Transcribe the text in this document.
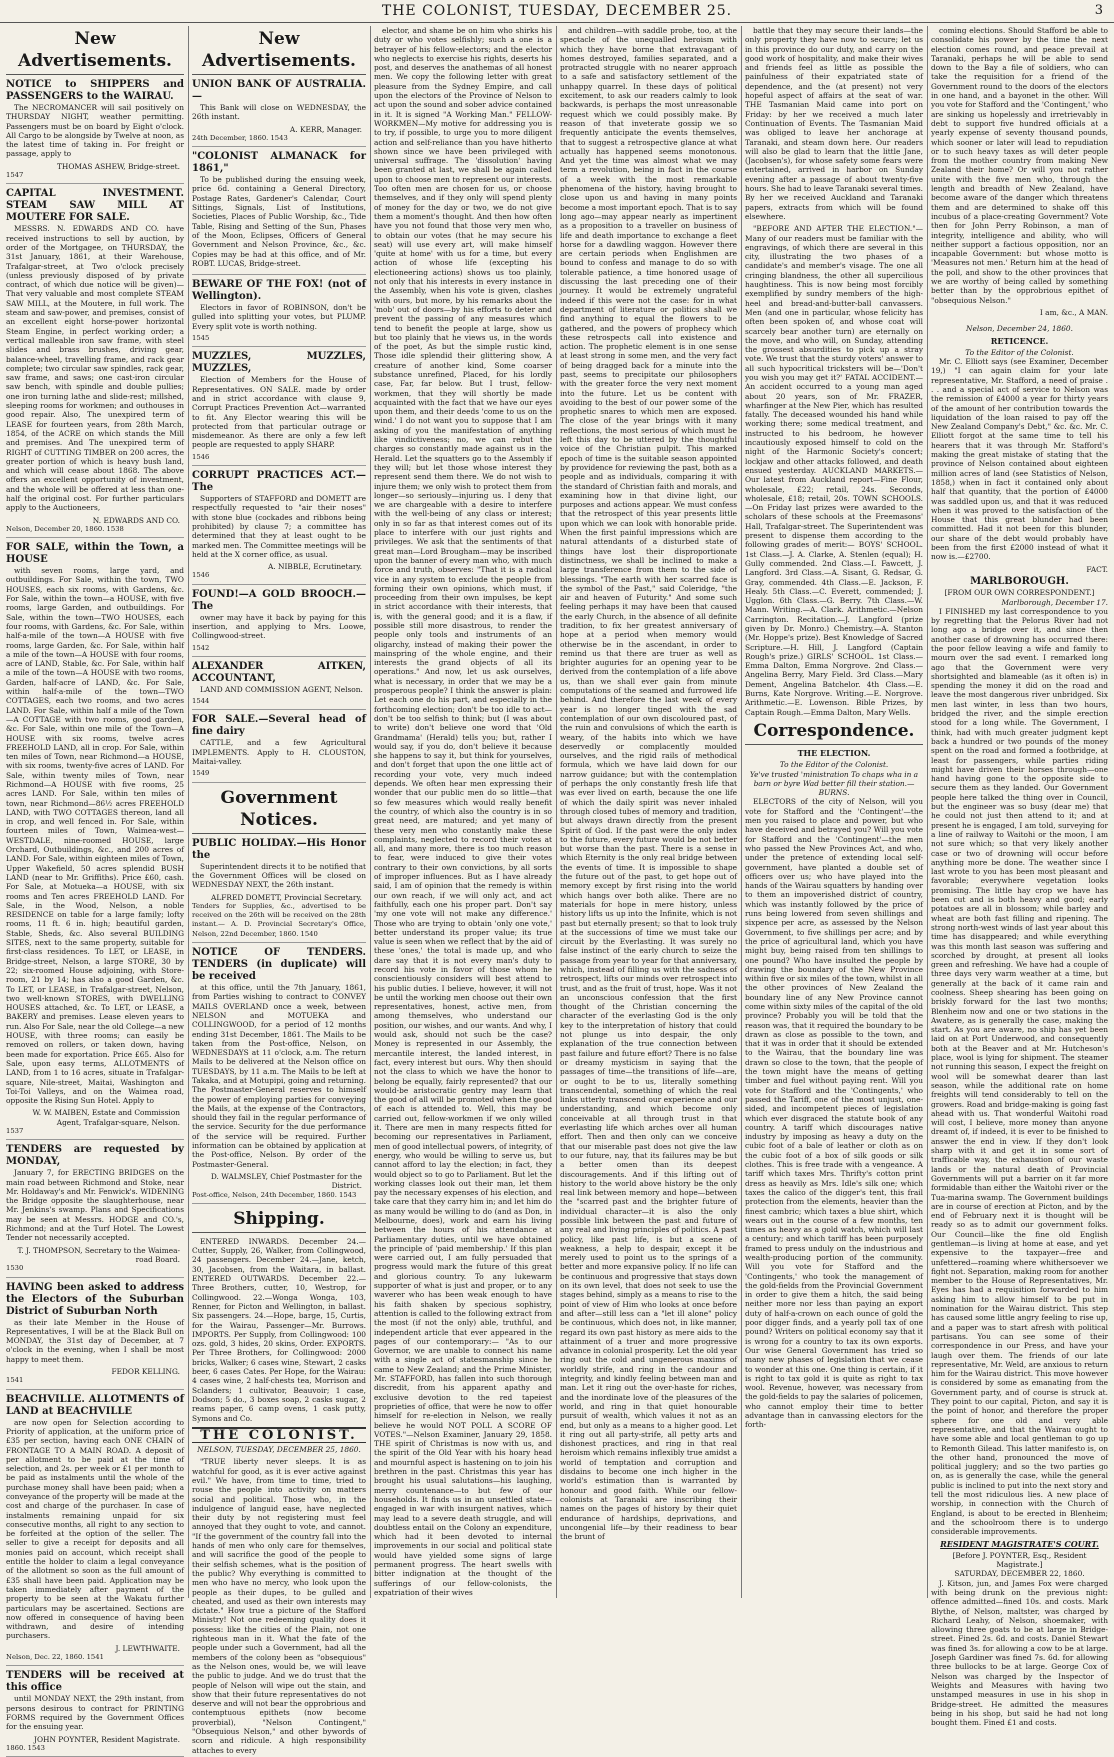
THE COLONIST, TUESDAY, DECEMBER 25.	3
New Advertisements.
NOTICE to SHIPPERS and PASSENGERS to the WAIRAU.

The NECROMANCER will sail positively on THURSDAY NIGHT, weather permitting. Passengers must be on board by Eight o'clock. All Cargo to be alongside by Twelve at noon, as the latest time of taking in. For freight or passage, apply to

THOMAS ASHEW, Bridge-street.
1547
CAPITAL INVESTMENT. STEAM SAW MILL AT MOUTERE FOR SALE.

MESSRS. N. EDWARDS AND CO. have received instructions to sell by auction, by order of the Mortgagee, on THURSDAY, the 31st January, 1861, at their Warehouse, Trafalgar-street, at Two o'clock precisely (unless previously disposed of by private contract, of which due notice will be given)— That very valuable and most complete STEAM SAW MILL, at the Moutere, in full work. The steam and saw-power, and premises, consist of an excellent eight horse-power horizontal Steam Engine, in perfect working order; a vertical malleable iron saw frame, with steel slides and brass brushes, driving gear, balance-wheel, travelling frame, and rack gear complete; two circular saw spindles, rack gear, saw frame, and saws; one cast-iron circular saw bench, with spindle and double pullies; one iron turning lathe and slide-rest; millshed, sleeping rooms for workmen; and outhouses in good repair. Also, The unexpired term of LEASE for fourteen years, from 28th March, 1854, of the ACRE on which stands the Mill and premises. And The unexpired term of RIGHT of CUTTING TIMBER on 200 acres, the greater portion of which is heavy bush land, and which will cease about 1868. The above offers an excellent opportunity of investment, and the whole will be offered at less than one-half the original cost. For further particulars apply to the Auctioneers,

N. EDWARDS AND CO.
Nelson, December 20, 1860. 1538
FOR SALE, within the Town, a HOUSE

with seven rooms, large yard, and outbuildings. For Sale, within the town, TWO HOUSES, each six rooms, with Gardens, &c. For Sale, within the town—a HOUSE, with five rooms, large Garden, and outbuildings. For Sale, within the town—TWO HOUSES, each four rooms, with Gardens, &c. For Sale, within half-a-mile of the town—A HOUSE with five rooms, large Garden, &c. For Sale, within half a mile of the town—A HOUSE with four rooms, acre of LAND, Stable, &c. For Sale, within half a mile of the town—A HOUSE with two rooms, Garden, half-acre of LAND, &c. For Sale, within half-a-mile of the town—TWO COTTAGES, each two rooms, and two acres LAND. For Sale, within half a mile of the Town—A COTTAGE with two rooms, good garden, &c. For Sale, within one mile of the Town—A HOUSE with six rooms, twelve acres FREEHOLD LAND, all in crop. For Sale, within ten miles of Town, near Richmond—a HOUSE, with six rooms, twenty-five acres of LAND. For Sale, within twenty miles of Town, near Richmond—A HOUSE with five rooms, 25 acres LAND. For Sale, within ten miles of town, near Richmond—86½ acres FREEHOLD LAND, with TWO COTTAGES thereon, land all in crop, and well fenced in. For Sale, within fourteen miles of Town, Waimea-west—WESTDALE, nine-roomed HOUSE, large Orchard, Outbuildings, &c., and 200 acres of LAND. For Sale, within eighteen miles of Town, Upper Wakefield, 50 acres splendid BUSH LAND (near to Mr. Griffiths). Price £60, cash. For Sale, at Motueka—a HOUSE, with six rooms and Ten acres FREEHOLD LAND. For Sale, in the Wood, Nelson, a noble RESIDENCE on table for a large family; lofty rooms, 11 ft. 6 in. high; beautiful garden, Stable, Sheds, &c. Also several BUILDING SITES, next to the same property, suitable for first-class residences. To LET, or LEASE, in Bridge-street, Nelson, a large STORE, 30 by 22; six-roomed House adjoining, with Store-room, 21 by 14; has also a good Garden, &c. To LET, or LEASE, in Trafalgar-street, Nelson, two well-known STORES, with DWELLING HOUSES attached, &c. To LET, or LEASE, a BAKERY and premises. Lease eleven years to run. Also For Sale, near the old College—a new HOUSE, with three rooms; can easily be removed on rollers, or taken down, having been made for exportation. Price £65. Also for Sale, upon easy terms, ALLOTMENTS of LAND, from 1 to 16 acres, situate in Trafalgar-square, Nile-street, Maitai, Washington and Toi-Toi Valleys, and on the Waimea road, opposite the Rising Sun Hotel. Apply to

W. W. MAIBEN, Estate and Commission Agent, Trafalgar-square, Nelson.
1537
TENDERS are requested by MONDAY,

January 7, for ERECTING BRIDGES on the main road between Richmond and Stoke, near Mr. Holdaway's and Mr. Fenwick's. WIDENING the Bridge opposite the slaughterhouse, near Mr. Jenkins's swamp. Plans and Specifications may be seen at Messrs. HODGE and CO.'s, Richmond; and at the Turf Hotel. The Lowest Tender not necessarily accepted.

T. J. THOMPSON, Secretary to the Waimea-road Board.
1530
HAVING been asked to address the Electors of the Suburban District of Suburban North

as their late Member in the House of Representatives, I will be at the Black Bull on MONDAY, the 31st day of December, at 7 o'clock in the evening, when I shall be most happy to meet them.

FEDOR KELLING.
1541
BEACHVILLE. ALLOTMENTS of LAND at BEACHVILLE

are now open for Selection according to Priority of application, at the uniform price of £35 per section, having each ONE CHAIN of FRONTAGE TO A MAIN ROAD. A deposit of per allotment to be paid at the time of selection, and 2s. per week or £1 per month to be paid as instalments until the whole of the purchase money shall have been paid; when a conveyance of the property will be made at the cost and charge of the purchaser. In case of instalments remaining unpaid for six consecutive months, all right to any section to be forfeited at the option of the seller. The seller to give a receipt for deposits and all monies paid on account, which receipt shall entitle the holder to claim a legal conveyance of the allotment so soon as the full amount of £35 shall have been paid. Application may be taken immediately after payment of the property to be seen at the Wakatu further particulars may be ascertained. Sections are now offered in consequence of having been withdrawn, and desire of intending purchasers.

J. LEWTHWAITE.
Nelson, Dec. 22, 1860. 1541
TENDERS will be received at this office

until MONDAY NEXT, the 29th instant, from persons desirous to contract for PRINTING FORMS required by the Government Offices for the ensuing year.

JOHN POYNTER, Resident Magistrate.
1860. 1543
New Advertisements.
UNION BANK OF AUSTRALIA.—

This Bank will close on WEDNESDAY, the 26th instant.

A. KERR, Manager.
24th December, 1860. 1543
"COLONIST ALMANACK for 1861,"

To be published during the ensuing week, price 6d. containing a General Directory, Postage Rates, Gardener's Calendar, Court Sittings, Signals, List of Institutions, Societies, Places of Public Worship, &c., Tide Table, Rising and Setting of the Sun, Phases of the Moon, Eclipses, Officers of General Government and Nelson Province, &c., &c. Copies may be had at this office, and of Mr. ROBT. LUCAS, Bridge-street.

BEWARE OF THE FOX! (not of Wellington).

Electors in favor of ROBINSON, don't be gulled into splitting your votes, but PLUMP. Every split vote is worth nothing.

1545
MUZZLES, MUZZLES, MUZZLES,

Election of Members for the House of Representatives. ON SALE. made by order and in strict accordance with clause 9, Corrupt Practices Prevention Act—warranted to fit. Any Elector wearing this will be protected from that particular outrage or misdemeanor. As there are only a few left people are requested to apply SHARP.

1546
CORRUPT PRACTICES ACT.—The

Supporters of STAFFORD and DOMETT are respectfully requested to "air their noses" with stone blue (cockades and ribbons being prohibited) by clause 7; a committee has determined that they at least ought to be marked men. The Committee meetings will be held at the X corner office, as usual.

A. NIBBLE, Ecrutinetary.
1546
FOUND!—A GOLD BROOCH.—The

owner may have it back by paying for this insertion, and applying to Mrs. Loowe, Collingwood-street.

1542
ALEXANDER AITKEN, ACCOUNTANT,

LAND AND COMMISSION AGENT, Nelson.

1544
FOR SALE.—Several head of fine dairy

CATTLE, and a few Agricultural IMPLEMENTS. Apply to H. CLOUSTON, Maitai-valley.

1549
Government Notices.
PUBLIC HOLIDAY.—His Honor the

Superintendent directs it to be notified that the Government Offices will be closed on WEDNESDAY NEXT, the 26th instant.

ALFRED DOMETT, Provincial Secretary.
Tenders for Supplies, &c., advertised to be received on the 26th will be received on the 28th instant.— A. D. Provincial Secretary's Office, Nelson, 22nd December, 1860. 1540
NOTICE OF TENDERS. TENDERS (in duplicate) will be received

at this office, until the 7th January, 1861, from Parties wishing to contract to CONVEY MAILS OVERLAND once a week, between NELSON and MOTUEKA and COLLINGWOOD, for a period of 12 months ending 31st December, 1861. The Mails to be taken from the Post-office, Nelson, on WEDNESDAYS at 11 o'clock, a.m. The return Mails to be delivered at the Nelson office on TUESDAYS, by 11 a.m. The Mails to be left at Takaka, and at Motupipi, going and returning. The Postmaster-General reserves to himself the power of employing parties for conveying the Mails, at the expense of the Contractors, should they fail in the regular performance of the service. Security for the due performance of the service will be required. Further information can be obtained by application at the Post-office, Nelson. By order of the Postmaster-General.

D. WALMSLEY, Chief Postmaster for the District.
Post-office, Nelson, 24th December, 1860. 1543
Shipping.

ENTERED INWARDS. December 24.—Cutter, Supply, 26, Walker, from Collingwood, 24 passengers. December 24.—Jane, ketch, 30, Jacobsen, from the Waitara, in ballast. ENTERED OUTWARDS. December 22.—Three Brothers, cutter, 10, Westrop, for Collingwood. 22.—Wonga Wonga, 103, Renner, for Picton and Wellington, in ballast. Six passengers. 24.—Hope, barge, 15, Curtis, for the Wairau, Passenger—Mr. Burrows. IMPORTS. Per Supply, from Collingwood: 100 ozs. gold, 3 hides, 20 skins, Order. EXPORTS. Per Three Brothers, for Collingwood: 2000 bricks, Walker; 6 cases wine, Stewart, 2 casks beer, 6 cases Cates. Per Hope, for the Wairau: 4 cases wine, 2 half-chests tea, Morrison and Sclanders; 1 cultivator, Beauvoir; 1 case, Dodson; 5 do., 3 boxes soap, 2 casks sugar, 2 reams paper, 6 camp ovens, 1 cask putty, Symons and Co.

THE COLONIST.
NELSON, TUESDAY, DECEMBER 25, 1860.

"TRUE liberty never sleeps. It is as watchful for good, as it is ever active against evil." We have, from time to time, tried to rouse the people into activity on matters social and political. Those who, in the indulgence of languid ease, have neglected their duty by not registering must feel annoyed that they ought to vote, and cannot. "If the government of the country fall into the hands of men who only care for themselves, and will sacrifice the good of the people to their selfish schemes, what is the position of the public? Why everything is committed to men who have no mercy, who look upon the people as their dupes, to be gulled and cheated, and used as their own interests may dictate." How true a picture of the Stafford Ministry! Not one redeeming quality does it possess: like the cities of the Plain, not one righteous man in it. What the fate of the people under such a Government, had all the members of the colony been as "obsequious" as the Nelson ones, would be, we will leave the public to judge. And we do trust that the people of Nelson will wipe out the stain, and show that their future representatives do not deserve and will not bear the opprobrious and contemptuous epithets (now become proverbial), "Nelson Contingent," "Obsequious Nelson," and other bywords of scorn and ridicule. A high responsibility attaches to every

elector, and shame be on him who shirks his duty or who votes selfishly; such a one is a betrayer of his fellow-electors; and the elector who neglects to exercise his rights, deserts his post, and deserves the anathemas of all honest men. We copy the following letter with great pleasure from the Sydney Empire, and call upon the electors of the Province of Nelson to act upon the sound and sober advice contained in it. It is signed "A Working Man." FELLOW-WORKMEN—My motive for addressing you is to try, if possible, to urge you to more diligent action and self-reliance than you have hitherto shown since we have been privileged with universal suffrage. The 'dissolution' having been granted at last, we shall be again called upon to choose men to represent our interests. Too often men are chosen for us, or choose themselves, and if they only will spend plenty of money for the day or two, we do not give them a moment's thought. And then how often have you not found that those very men who, to obtain our votes (that he may secure his seat) will use every art, will make himself 'quite at home' with us for a time, but every action of whose life (excepting his electioneering actions) shows us too plainly, not only that his interests in every instance in the Assembly, when his vote is given, clashes with ours, but more, by his remarks about the 'mob' out of doors—by his efforts to deter and prevent the passing of any measures which tend to benefit the people at large, show us but too plainly that he views us, in the words of the poet, As but the simple rustic kind, Those idle splendid their glittering show, A creature of another kind, Some coarser substance unrefined, Placed, for his lordly case, Far, far below. But I trust, fellow-workmen, that they will shortly be made acquainted with the fact that we have our eyes upon them, and their deeds 'come to us on the wind.' I do not want you to suppose that I am asking of you the manifestation of anything like vindictiveness; no, we can rebut the charges so constantly made against us in the Herald. Let the squatters go to the Assembly if they will; but let those whose interest they represent send them there. We do not wish to injure them; we only wish to protect them from longer—so seriously—injuring us. I deny that we are chargeable with a desire to interfere with the well-being of any class or interest; only in so far as that interest comes out of its place to interfere with our just rights and privileges. We ask that the sentiments of that great man—Lord Brougham—may be inscribed upon the banner of every man who, with much force and truth, observes: "That it is a radical vice in any system to exclude the people from forming their own opinions, which must, if proceeding from their own impulses, be kept in strict accordance with their interests, that is, with the general good; and it is a flaw, if possible still more disastrous, to render the people only tools and instruments of an oligarchy, instead of making their power the mainspring of the whole engine, and their interests the grand objects of all its operations." And now, let us ask ourselves, what is necessary, in order that we may be a prosperous people? I think the answer is plain: Let each one do his part, and especially in the forthcoming election; don't be too idle to act—don't be too selfish to think; but (I was about to write) don't believe one word that 'Old Grandmama' (Herald) tells you; but, rather I would say, if you do, don't believe it because she happens to say it, but think for yourselves, and don't forget that upon the one little act of recording your vote, very much indeed depends. We often hear men expressing their wonder that our public men do so little—that so few measures which would really benefit the country, of which also the country is in so great need, are matured; and yet many of these very men who constantly make these complaints, neglected to record their votes at all, and many more, there is too much reason to fear, were induced to give their votes contrary to their own convictions, by all sorts of improper influences. But as I have already said, I am of opinion that the remedy is within our own reach, if we will only act, and act faithfully, each one his proper part. Don't say 'my one vote will not make any difference.' Those who are trying to obtain 'only one vote,' better understand its proper value; its true value is seen when we reflect that by the aid of these 'ones,' the total is made up, and who dare say that it is not every man's duty to record his vote in favor of those whom he conscientiously considers will best attend to his public duties. I believe, however, it will not be until the working men choose out their own representatives, honest, active men, from among themselves, who understand our position, our wishes, and our wants. And why, I would ask, should not such be the case? Money is represented in our Assembly, the mercantile interest, the landed interest, in fact, every interest but ours. Why then should not the class to which we have the honor to belong be equally, fairly represented? that our would-be aristocratic gentry may learn that the good of all will be promoted when the good of each is attended to. Well, this may be carried out, fellow-workmen if we only willed it. There are men in many respects fitted for becoming our representatives in Parliament, men of good intellectual powers, of integrity, of energy, who would be willing to serve us, but cannot afford to lay the election; in fact, they would object so to go to Parliament. But let the working classes look out their man, let them pay the necessary expenses of his election, and take care that they carry him in; and let him do as many would be willing to do (and as Don, in Melbourne, does), work and earn his living between the hours of his attendance at Parliamentary duties, until we have obtained the principle of 'paid membership.' If this plan were carried out, I am fully persuaded that progress would mark the future of this great and glorious country. To any lukewarm supporter of what is just and proper, or to any waverer who has been weak enough to have his faith shaken by specious sophistry, attention is called to the following extract from the most (if not the only) able, truthful, and independent article that ever appeared in the pages of our contemporary:— "As to our Governor, we are unable to connect his name with a single act of statesmanship since he came to New Zealand; and the Prime Minister, Mr. STAFFORD, has fallen into such thorough discredit, from his apparent apathy and exclusive devotion to the red tapeiest proprieties of office, that were he now to offer himself for re-election in Nelson, we really believe he would NOT POLL A SCORE OF VOTES."—Nelson Examiner, January 29, 1858. THE spirit of Christmas is now with us, and the spirit of the Old Year with his hoary head and mournful aspect is hastening on to join his brethren in the past. Christmas this year has brought his usual salutations—his laughing, merry countenance—to but few of our households. It finds us in an unsettled state—engaged in war with insurgent natives, which may lead to a severe death struggle, and will doubtless entail on the Colony an expenditure, which had it been devoted to internal improvements in our social and political state would have yielded some signs of large permanent progress. The heart swells with bitter indignation at the thought of the sufferings of our fellow-colonists, the expatriation of their wives

and children—with saddle probe, too, at the spectacle of the unequalled heroism with which they have borne that extravagant of homes destroyed, families separated, and a protracted struggle with no nearer approach to a safe and satisfactory settlement of the unhappy quarrel. In these days of political excitement, to ask our readers calmly to look backwards, is perhaps the most unreasonable request which we could possibly make. By reason of that inveterate gossip we so frequently anticipate the events themselves, that to suggest a retrospective glance at what actually has happened seems monotonous. And yet the time was almost what we may term a revolution, being in fact in the course of a week with the most remarkable phenomena of the history, having brought to close upon us and having in many points become a most important epoch. That is to say long ago—may appear nearly as impertinent as a proposition to a traveller on business of life and death importance to exchange a fleet horse for a dawdling waggon. However there are certain periods when Englishmen are bound to confess and manage to do so with tolerable patience, a time honored usage of discussing the last preceding one of their journey. It would be extremely ungrateful indeed if this were not the case: for in what department of literature or politics shall we find anything to equal the flowers to be gathered, and the powers of prophecy which these retrospects call into existence and action. The prophetic element is in one sense at least strong in some men, and the very fact of being dragged back for a minute into the past, seems to precipitate our philosophers with the greater force the very next moment into the future. Let us be content with avoiding to the best of our power some of the prophetic snares to which men are exposed. The close of the year brings with it many reflections, the most serious of which must be left this day to be uttered by the thoughtful voice of the Christian pulpit. This marked epoch of time is the suitable season appointed by providence for reviewing the past, both as a people and as individuals, comparing it with the standard of Christian faith and morals, and examining how in that divine light, our purposes and actions appear. We must confess that the retrospect of this year presents little upon which we can look with honorable pride. When the first painful impressions which are natural attendants of a disturbed state of things have lost their disproportionate distinctness, we shall be inclined to make a large transference from them to the side of blessings. "The earth with her scarred face is the symbol of the Past," said Coleridge, "the air and heaven of Futurity." And some such feeling perhaps it may have been that caused the early Church, in the absence of all definite tradition, to fix her greatest anniversary of hope at a period when memory would otherwise be in the ascendant, in order to remind us that there are truer as well as brighter auguries for an opening year to be derived from the contemplation of a life above us, than we shall ever gain from minute computations of the seamed and furrowed life behind. And therefore the last week of every year is no longer tinged with the sad contemplation of our own discoloured past, of the ruin and convulsions of which the earth is weary, of the habits into which we have deservedly or complacently moulded ourselves, and the rigid rails of methodical formula, which we have laid down for our narrow guidance; but with the contemplation of perhaps the only constantly fresh life that was ever lived on earth, because the one life of which the daily spirit was never inhaled through closed tubes of memory and tradition, but always drawn directly from the present Spirit of God. If the past were the only index to the future, every future would be not better but worse than the past. There is a sense in which Eternity is the only real bridge between the events of time. It is impossible to shape the future out of the past, to get hope out of memory except by first rising into the world which hangs over both alike. There are no materials for hope in mere history, unless history lifts us up into the Infinite, which is not past but eternally present; so that to look truly at the successions of time we must take our circuit by the Everlasting. It was surely no false instinct of the early church to seize the passage from year to year for that anniversary, which, instead of filling us with the sadness of retrospect, lifts our minds over retrospect into trust, and as the fruit of trust, hope. Was it not an unconscious confession that the first thought of the Christian concerning the character of the everlasting God is the only key to the interpretation of history that could not plunge us into despair, the only explanation of the true connection between past failure and future effort? There is no false or dreamy mysticism in saying that the passages of time—the transitions of life—are, or ought to be to us, literally something transcendental, something of which the real links utterly transcend our experience and our understanding, and which become only conceivable at all through trust in that everlasting life which arches over all human effort. Then and then only can we conceive that our miserable past does not give the law to our future, nay, that its failures may be but a better omen than its deepest discouragements. And if this lifting out of history to the world above history be the only real link between memory and hope—between the "scarred past and the brighter future of individual character—it is also the only possible link between the past and future of any real and living principles of politics. A past policy, like past life, is but a scene of weakness, a help to despair, except it be merely used to point us to the springs of a better and more expansive policy. If no life can be continuous and progressive that stays down on its own level, that does not seek to use the stages behind, simply as a means to rise to the point of view of Him who looks at once before and after—still less can a "let ill alone" policy be continuous, which does not, in like manner, regard its own past history as mere aids to the attainment of a truer and more progressive advance in colonial prosperity. Let the old year ring out the cold and ungenerous maxims of worldly strife, and ring in the candour and integrity, and kindly feeling between man and man. Let it ring out the over-haste for riches, and the inordinate love of the pleasures of the world, and ring in that quiet honourable pursuit of wealth, which values it not as an end, but only as a means to a higher good. Let it ring out all party-strife, all petty arts and dishonest practices, and ring in that real heroism which remains inflexibly true amidst a world of temptation and corruption and disdains to become one inch higher in the world's estimation than is warranted by honour and good faith. While our fellow-colonists at Taranaki are inscribing their names on the pages of history by their quiet endurance of hardships, deprivations, and uncongenial life—by their readiness to bear the brunt of

battle that they may secure their lands—the only property they have now to secure; let us in this province do our duty, and carry on the good work of hospitality, and make their wives and friends feel as little as possible the painfulness of their expatriated state of dependence, and the (at present) not very hopeful aspect of affairs at the seat of war. THE Tasmanian Maid came into port on Friday: by her we received a much later Continuation of Events. The Tasmanian Maid was obliged to leave her anchorage at Taranaki, and steam down here. Our readers will also be glad to learn that the little Jane, (Jacobsen's), for whose safety some fears were entertained, arrived in harbor on Sunday evening after a passage of about twenty-five hours. She had to leave Taranaki several times. By her we received Auckland and Taranaki papers, extracts from which will be found elsewhere.

"BEFORE AND AFTER THE ELECTION."—Many of our readers must be familiar with the engravings, of which there are several in this city, illustrating the two phases of a candidate's and member's visage. The one all cringing blandness, the other all supercilious haughtiness. This is now being most forcibly exemplified by sundry members of the high-heel and bread-and-butter-ball canvassers. Men (and one in particular, whose felicity has often been spoken of, and whose coat will scarcely bear another turn) are eternally on the move, and who will, on Sunday, attending the grossest absurdities to pick up a stray vote. We trust that the sturdy voters' answer to all such hypocritical tricksters will be—'Don't you wish you may get it?' FATAL ACCIDENT.—An accident occurred to a young man aged about 20 years, son of Mr. FRAZER, wharfinger at the New Pier, which has resulted fatally. The deceased wounded his hand while working there; some medical treatment, and instructed to his bedroom, he however incautiously exposed himself to cold on the night of the Harmonic Society's concert; lockjaw and other attacks followed, and death ensued yesterday. AUCKLAND MARKETS.—Our latest from Auckland report—Fine Flour, wholesale, £22; retail, 24s. Seconds, wholesale, £18; retail, 20s. TOWN SCHOOLS.—On Friday last prizes were awarded to the scholars of these schools at the Freemasons' Hall, Trafalgar-street. The Superintendent was present to dispense them according to the following grades of merit:— BOYS' SCHOOL. 1st Class.—J. A. Clarke, A. Stenlen (equal); H. Gully commended. 2nd Class.—I. Fawcett, J. Langford. 3rd Class.—A. Sisant, G. Redsar, G. Gray, commended. 4th Class.—E. Jackson, F. Healy. 5th Class.—C. Everett, commended; J. Ugglon. 6th Class.—G. Berry. 7th Class.—W. Mann. Writing.—A. Clark. Arithmetic.—Nelson Carrington. Recitation.—J. Langford (prize given by Dr. Monro.) Chemistry.—A. Stanton (Mr. Hoppe's prize). Best Knowledge of Sacred Scripture.—H. Hill, J. Langford (Captain Rough's prize.) GIRLS' SCHOOL. 1st Class.—Emma Dalton, Emma Norgrove. 2nd Class.—Angelina Berry, Mary Field. 3rd Class.—Mary Dement, Angelina Batchelor. 4th Class.—E. Burns, Kate Norgrove. Writing.—E. Norgrove. Arithmetic.—E. Lowenson. Bible Prizes, by Captain Rough.—Emma Dalton, Mary Wells.

Correspondence.
THE ELECTION.
To the Editor of the Colonist.
Ye've trusted 'ministration To chaps wha in a barn or byre Wad better fill their station.—BURNS.

ELECTORS of the city of Nelson, will you vote for Stafford and the 'Contingent'—the men you raised to place and power, but who have deceived and betrayed you? Will you vote for Stafford and the 'Contingent'—the men who passed the New Provinces Act, and who, under the pretence of extending local self-government, have planted a double set of officers over us; who have played into the hands of the Wairau squatters by handing over to them an impoverished district of country, which was instantly followed by the price of runs being lowered from seven shillings and sixpence per acre, as assessed by the Nelson Government, to five shillings per acre; and by the price of agricultural land, which you have might buy, being raised from ten shillings to one pound? Who have insulted the people by drawing the boundary of the New Province within five or six miles of the town, whilst in all the other provinces of New Zealand the boundary line of any New Province cannot come within sixty miles of the capital of the old province? Probably you will be told that the reason was, that it required the boundary to be drawn as close as possible to the town, and that it was in order that it should be extended to the Wairau, that the boundary line was drawn so close to the town, that the people of the town might have the means of getting timber and fuel without paying rent. Will you vote for Stafford and the 'Contingents,' who passed the Tariff, one of the most unjust, one-sided, and incompetent pieces of legislation which ever disgraced the statute book of any country. A tariff which discourages native industry by imposing as heavy a duty on the cubic foot of a bale of leather or cloth as on the cubic foot of a box of silk goods or silk clothes. This is free trade with a vengeance. A tariff which taxes Mrs. Thrifty's cotton print dress as heavily as Mrs. Idle's silk one; which taxes the calico of the digger's tent, this frail protection from the elements, heavier than the finest cambric; which taxes a blue shirt, which wears out in the course of a few months, ten times as heavy as a gold watch, which will last a century; and which tariff has been purposely framed to press unduly on the industrious and wealth-producing portion of the community. Will you vote for Stafford and the 'Contingents,' who took the management of the gold-fields from the Provincial Government in order to give them a hitch, the said being neither more nor less than paying an export duty of half-a-crown on each ounce of gold the poor digger finds, and a yearly poll tax of one pound? Writers on political economy say that it is wrong for a country to tax its own exports. Our wise General Government has tried so many new phases of legislation that we cease to wonder at this one. One thing is certain, if it is right to tax gold it is quite as right to tax wool. Revenue, however, was necessary from the gold-fields to pay the salaries of policemen, who cannot employ their time to better advantage than in canvassing electors for the forth-

coming elections. Should Stafford be able to consolidate his power by the time the next election comes round, and peace prevail at Taranaki, perhaps he will be able to send down to the Bay a file of soldiers, who can take the requisition for a friend of the Government round to the doors of the electors in one hand, and a bayonet in the other. Will you vote for Stafford and the 'Contingent,' who are sinking us hopelessly and irretrievably in debt to support five hundred officials at a yearly expense of seventy thousand pounds, which sooner or later will lead to repudiation or to such heavy taxes as will deter people from the mother country from making New Zealand their home? Or will you not rather unite with the five men who, through the length and breadth of New Zealand, have become aware of the danger which threatens them and are determined to shake off this incubus of a place-creating Government? Vote then for John Perry Robinson, a man of integrity, intelligence and ability, who will neither support a factious opposition, nor an incapable Government: but whose motto is 'Measures not men.' Return him at the head of the poll, and show to the other provinces that we are worthy of being called by something better than by the opprobrious epithet of "obsequious Nelson."

I am, &c., A MAN.
Nelson, December 24, 1860.
RETICENCE.
To the Editor of the Colonist.

Mr. C. Elliott says (see Examiner, December 19,) "I can again claim for your late representative, Mr. Stafford, a need of praise . . . and a special act of service to Nelson was the remission of £4000 a year for thirty years of the amount of her contribution towards the liquidation of the loan raised to pay off the New Zealand Company's Debt," &c. &c. Mr. C. Elliott forgot at the same time to tell his hearers that it was through Mr. Stafford's making the great mistake of stating that the province of Nelson contained about eighteen million acres of land (see Statistics of Nelson, 1858,) when in fact it contained only about half that quantity, that the portion of £4000 was saddled upon us, and that it was reduced when it was proved to the satisfaction of the House that this great blunder had been committed. Had it not been for this blunder, our share of the debt would probably have been from the first £2000 instead of what it now is.—£2700.

FACT.
MARLBOROUGH.
[FROM OUR OWN CORRESPONDENT.]
Marlborough, December 17.

I FINISHED my last correspondence to you by regretting that the Pelorus River had not long ago a bridge over it, and since then another case of drowning has occurred there: the poor fellow leaving a wife and family to mourn over the sad event. I remarked long ago that the Government were very shortsighted and blameable (as it often is) in spending the money it did on the road and leave the most dangerous river unbridged. Six men last winter, in less than two hours, bridged the river, and the simple erection stood for a long while. The Government, I think, had with much greater judgment kept back a hundred or two pounds of the money spent on the road and formed a footbridge, at least for passengers, while parties riding might have driven their horses through—one hand having gone to the opposite side to secure them as they landed. Our Government people here talked the thing over in Council, but the engineer was so busy (dear me) that he could not just then attend to it; and at present he is engaged, I am told, surveying for a line of railway to Waitohi or the moon, I am not sure which; so that very likely another case or two of drowning will occur before anything more be done. The weather since I last wrote to you has been most pleasant and favorable; everywhere vegetation looks promising. The little hay crop we have has been cut and is both heavy and good; early potatoes are all in blossom; while barley and wheat are both fast filling and ripening. The strong north-west winds of last year about this time has disappeared; and while everything was this month last season was suffering and scorched by drought, at present all looks green and refreshing. We have had a couple of three days very warm weather at a time, but generally at the back of it came rain and coolness. Sheep shearing has been going on briskly forward for the last two months; Blenheim now and one or two stations in the Awatere, as is generally the case, making the start. As you are aware, no ship has yet been laid on at Port Underwood, and consequently both at the Beaver and at Mr. Hutcheson's place, wool is lying for shipment. The steamer not running this season, I expect the freight on wool will be somewhat dearer than last season, while the additional rate on home freights will tend considerably to tell on the growers. Road and bridge-making is going fast ahead with us. That wonderful Waitohi road will cost, I believe, more money than anyone dreamt of, if indeed, it is ever to be finished to answer the end in view. If they don't look sharp with it and get it in some sort of trafficable way, the exhaustion of our waste lands or the natural death of Provincial Governments will put a barrier on it far more formidable than either the Waitohi river or the Tua-marina swamp. The Government buildings are in course of erection at Picton, and by the end of February next it is thought will be ready so as to admit our government folks. Our Council—like the fine old English gentleman—is living at home at ease, and yet expensive to the taxpayer—free and unfettered—roaming where whithersoever we fight not. Separation, making room for another member to the House of Representatives, Mr. Eyes has had a requisition forwarded to him asking him to allow himself to be put in nomination for the Wairau district. This step has caused some little angry feeling to rise up, and a paper was to start afresh with political partisans. You can see some of their correspondence in our Press, and have your laugh over them. The friends of our late representative, Mr. Weld, are anxious to return him for the Wairau district. This move however is considered by some as emanating from the Government party, and of course is struck at. They point to our capital, Picton, and say it is the point of honor, and therefore the proper sphere for one old and very able representative, and that the Wairau ought to have some able and local gentleman to go up to Remonth Gilead. This latter manifesto is, on the other hand, pronounced the move of political jugglery; and so the two parties go on, as is generally the case, while the general public is inclined to put into the next story and tell the most ridiculous lies. A new place of worship, in connection with the Church of England, is about to be erected in Blenheim; and the schoolroom there is to undergo considerable improvements.

RESIDENT MAGISTRATE'S COURT.
[Before J. POYNTER, Esq., Resident Magistrate.]
SATURDAY, DECEMBER 22, 1860.

J. Kitson, jun, and James Fox were charged with being drunk on the previous night: offence admitted—fined 10s. and costs. Mark Blythe, of Nelson, maltster, was charged by Richard Leahy, of Nelson, shoemaker, with allowing three goats to be at large in Bridge-street. Fined 2s. 6d. and costs. Daniel Stewart was fined 3s. for allowing a cow to be at large. Joseph Gardiner was fined 7s. 6d. for allowing three bullocks to be at large. George Cox of Nelson was charged by the Inspector of Weights and Measures with having two unstamped measures in use in his shop in Bridge-street. He admitted the measures being in his shop, but said he had not long bought them. Fined £1 and costs.
